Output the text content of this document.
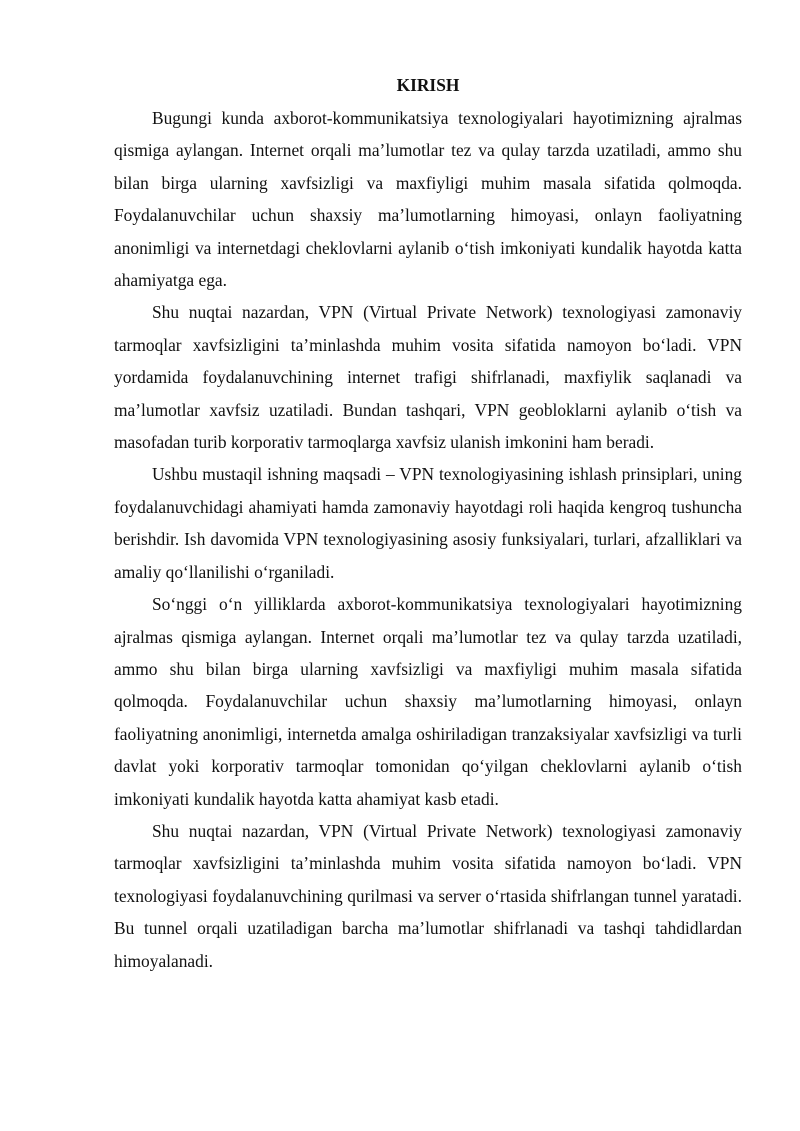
KIRISH

Bugungi kunda axborot-kommunikatsiya texnologiyalari hayotimizning ajralmas qismiga aylangan. Internet orqali ma’lumotlar tez va qulay tarzda uzatiladi, ammo shu bilan birga ularning xavfsizligi va maxfiyligi muhim masala sifatida qolmoqda. Foydalanuvchilar uchun shaxsiy ma’lumotlarning himoyasi, onlayn faoliyatning anonimligi va internetdagi cheklovlarni aylanib o‘tish imkoniyati kundalik hayotda katta ahamiyatga ega.

Shu nuqtai nazardan, VPN (Virtual Private Network) texnologiyasi zamonaviy tarmoqlar xavfsizligini ta’minlashda muhim vosita sifatida namoyon bo‘ladi. VPN yordamida foydalanuvchining internet trafigi shifrlanadi, maxfiylik saqlanadi va ma’lumotlar xavfsiz uzatiladi. Bundan tashqari, VPN geobloklarni aylanib o‘tish va masofadan turib korporativ tarmoqlarga xavfsiz ulanish imkonini ham beradi.

Ushbu mustaqil ishning maqsadi – VPN texnologiyasining ishlash prinsiplari, uning foydalanuvchidagi ahamiyati hamda zamonaviy hayotdagi roli haqida kengroq tushuncha berishdir. Ish davomida VPN texnologiyasining asosiy funksiyalari, turlari, afzalliklari va amaliy qo‘llanilishi o‘rganiladi.

So‘nggi o‘n yilliklarda axborot-kommunikatsiya texnologiyalari hayotimizning ajralmas qismiga aylangan. Internet orqali ma’lumotlar tez va qulay tarzda uzatiladi, ammo shu bilan birga ularning xavfsizligi va maxfiyligi muhim masala sifatida qolmoqda. Foydalanuvchilar uchun shaxsiy ma’lumotlarning himoyasi, onlayn faoliyatning anonimligi, internetda amalga oshiriladigan tranzaksiyalar xavfsizligi va turli davlat yoki korporativ tarmoqlar tomonidan qo‘yilgan cheklovlarni aylanib o‘tish imkoniyati kundalik hayotda katta ahamiyat kasb etadi.

Shu nuqtai nazardan, VPN (Virtual Private Network) texnologiyasi zamonaviy tarmoqlar xavfsizligini ta’minlashda muhim vosita sifatida namoyon bo‘ladi. VPN texnologiyasi foydalanuvchining qurilmasi va server o‘rtasida shifrlangan tunnel yaratadi. Bu tunnel orqali uzatiladigan barcha ma’lumotlar shifrlanadi va tashqi tahdidlardan himoyalanadi.
